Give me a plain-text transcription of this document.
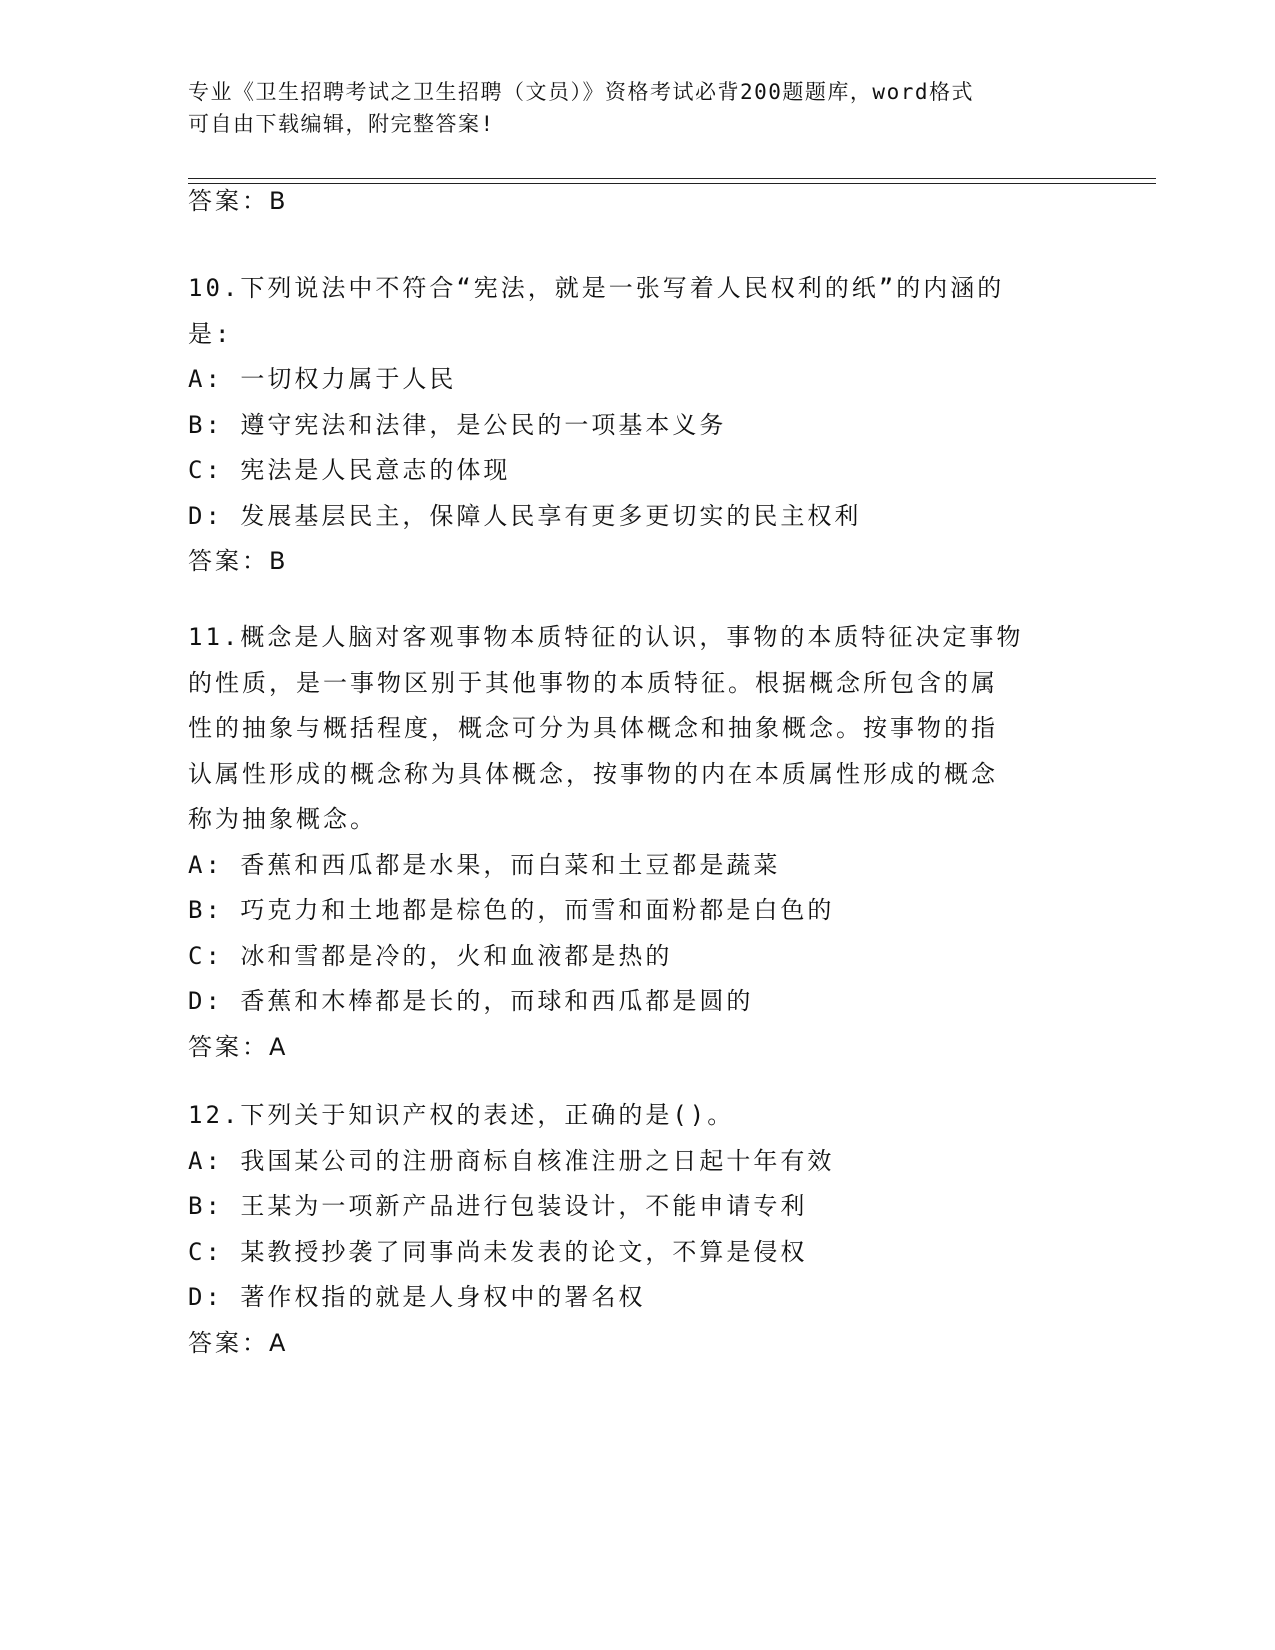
专业《卫生招聘考试之卫生招聘（文员）》资格考试必背200题题库，word格式
可自由下载编辑，附完整答案!
答案：B
10.下列说法中不符合“宪法，就是一张写着人民权利的纸”的内涵的
是:
A: 一切权力属于人民
B: 遵守宪法和法律，是公民的一项基本义务
C: 宪法是人民意志的体现
D: 发展基层民主，保障人民享有更多更切实的民主权利
答案：B
11.概念是人脑对客观事物本质特征的认识，事物的本质特征决定事物
的性质，是一事物区别于其他事物的本质特征。根据概念所包含的属
性的抽象与概括程度，概念可分为具体概念和抽象概念。按事物的指
认属性形成的概念称为具体概念，按事物的内在本质属性形成的概念
称为抽象概念。
A: 香蕉和西瓜都是水果，而白菜和土豆都是蔬菜
B: 巧克力和土地都是棕色的，而雪和面粉都是白色的
C: 冰和雪都是冷的，火和血液都是热的
D: 香蕉和木棒都是长的，而球和西瓜都是圆的
答案：A
12.下列关于知识产权的表述，正确的是()。
A: 我国某公司的注册商标自核准注册之日起十年有效
B: 王某为一项新产品进行包装设计，不能申请专利
C: 某教授抄袭了同事尚未发表的论文，不算是侵权
D: 著作权指的就是人身权中的署名权
答案：A
